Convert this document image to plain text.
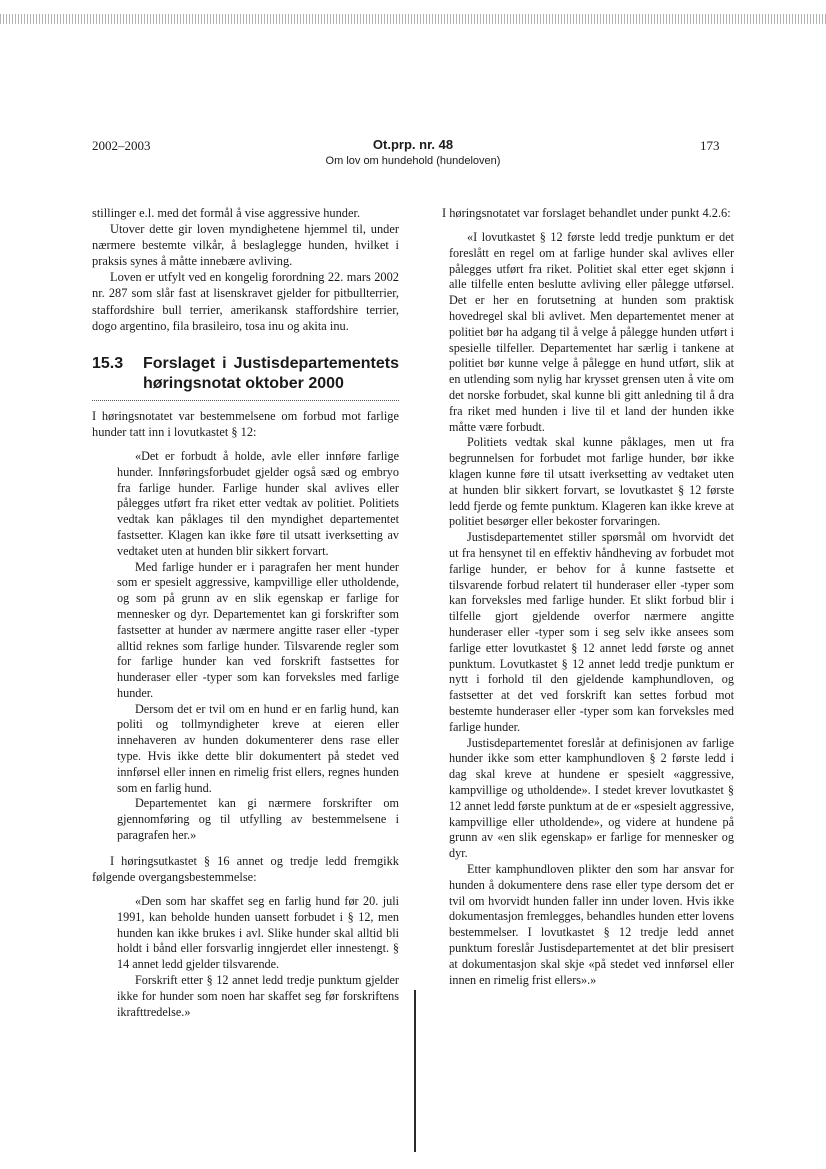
2002–2003	Ot.prp. nr. 48
Om lov om hundehold (hundeloven)
173

stillinger e.l. med det formål å vise aggressive hunder.

Utover dette gir loven myndighetene hjemmel til, under nærmere bestemte vilkår, å beslaglegge hunden, hvilket i praksis synes å måtte innebære avliving.

Loven er utfylt ved en kongelig forordning 22. mars 2002 nr. 287 som slår fast at lisenskravet gjelder for pitbullterrier, staffordshire bull terrier, amerikansk staffordshire terrier, dogo argentino, fila brasileiro, tosa inu og akita inu.

15.3	Forslaget i Justisdepartementets høringsnotat oktober 2000

I høringsnotatet var bestemmelsene om forbud mot farlige hunder tatt inn i lovutkastet § 12:

«Det er forbudt å holde, avle eller innføre farlige hunder. Innføringsforbudet gjelder også sæd og embryo fra farlige hunder. Farlige hunder skal avlives eller pålegges utført fra riket etter vedtak av politiet. Politiets vedtak kan påklages til den myndighet departementet fastsetter. Klagen kan ikke føre til utsatt iverksetting av vedtaket uten at hunden blir sikkert forvart.

Med farlige hunder er i paragrafen her ment hunder som er spesielt aggressive, kampvillige eller utholdende, og som på grunn av en slik egenskap er farlige for mennesker og dyr. Departementet kan gi forskrifter som fastsetter at hunder av nærmere angitte raser eller -typer alltid reknes som farlige hunder. Tilsvarende regler som for farlige hunder kan ved forskrift fastsettes for hunderaser eller -typer som kan forveksles med farlige hunder.

Dersom det er tvil om en hund er en farlig hund, kan politi og tollmyndigheter kreve at eieren eller innehaveren av hunden dokumenterer dens rase eller type. Hvis ikke dette blir dokumentert på stedet ved innførsel eller innen en rimelig frist ellers, regnes hunden som en farlig hund.

Departementet kan gi nærmere forskrifter om gjennomføring og til utfylling av bestemmelsene i paragrafen her.»

I høringsutkastet § 16 annet og tredje ledd fremgikk følgende overgangsbestemmelse:

«Den som har skaffet seg en farlig hund før 20. juli 1991, kan beholde hunden uansett forbudet i § 12, men hunden kan ikke brukes i avl. Slike hunder skal alltid bli holdt i bånd eller forsvarlig inngjerdet eller innestengt. § 14 annet ledd gjelder tilsvarende.

Forskrift etter § 12 annet ledd tredje punktum gjelder ikke for hunder som noen har skaffet seg før forskriftens ikrafttredelse.»

I høringsnotatet var forslaget behandlet under punkt 4.2.6:

«I lovutkastet § 12 første ledd tredje punktum er det foreslått en regel om at farlige hunder skal avlives eller pålegges utført fra riket. Politiet skal etter eget skjønn i alle tilfelle enten beslutte avliving eller pålegge utførsel. Det er her en forutsetning at hunden som praktisk hovedregel skal bli avlivet. Men departementet mener at politiet bør ha adgang til å velge å pålegge hunden utført i spesielle tilfeller. Departementet har særlig i tankene at politiet bør kunne velge å pålegge en hund utført, slik at en utlending som nylig har krysset grensen uten å vite om det norske forbudet, skal kunne bli gitt anledning til å dra fra riket med hunden i live til et land der hunden ikke måtte være forbudt.

Politiets vedtak skal kunne påklages, men ut fra begrunnelsen for forbudet mot farlige hunder, bør ikke klagen kunne føre til utsatt iverksetting av vedtaket uten at hunden blir sikkert forvart, se lovutkastet § 12 første ledd fjerde og femte punktum. Klageren kan ikke kreve at politiet besørger eller bekoster forvaringen.

Justisdepartementet stiller spørsmål om hvorvidt det ut fra hensynet til en effektiv håndheving av forbudet mot farlige hunder, er behov for å kunne fastsette et tilsvarende forbud relatert til hunderaser eller -typer som kan forveksles med farlige hunder. Et slikt forbud blir i tilfelle gjort gjeldende overfor nærmere angitte hunderaser eller -typer som i seg selv ikke ansees som farlige etter lovutkastet § 12 annet ledd første og annet punktum. Lovutkastet § 12 annet ledd tredje punktum er nytt i forhold til den gjeldende kamphundloven, og fastsetter at det ved forskrift kan settes forbud mot bestemte hunderaser eller -typer som kan forveksles med farlige hunder.

Justisdepartementet foreslår at definisjonen av farlige hunder ikke som etter kamphundloven § 2 første ledd i dag skal kreve at hundene er spesielt «aggressive, kampvillige og utholdende». I stedet krever lovutkastet § 12 annet ledd første punktum at de er «spesielt aggressive, kampvillige eller utholdende», og videre at hundene på grunn av «en slik egenskap» er farlige for mennesker og dyr.

Etter kamphundloven plikter den som har ansvar for hunden å dokumentere dens rase eller type dersom det er tvil om hvorvidt hunden faller inn under loven. Hvis ikke dokumentasjon fremlegges, behandles hunden etter lovens bestemmelser. I lovutkastet § 12 tredje ledd annet punktum foreslår Justisdepartementet at det blir presisert at dokumentasjon skal skje «på stedet ved innførsel eller innen en rimelig frist ellers».»
